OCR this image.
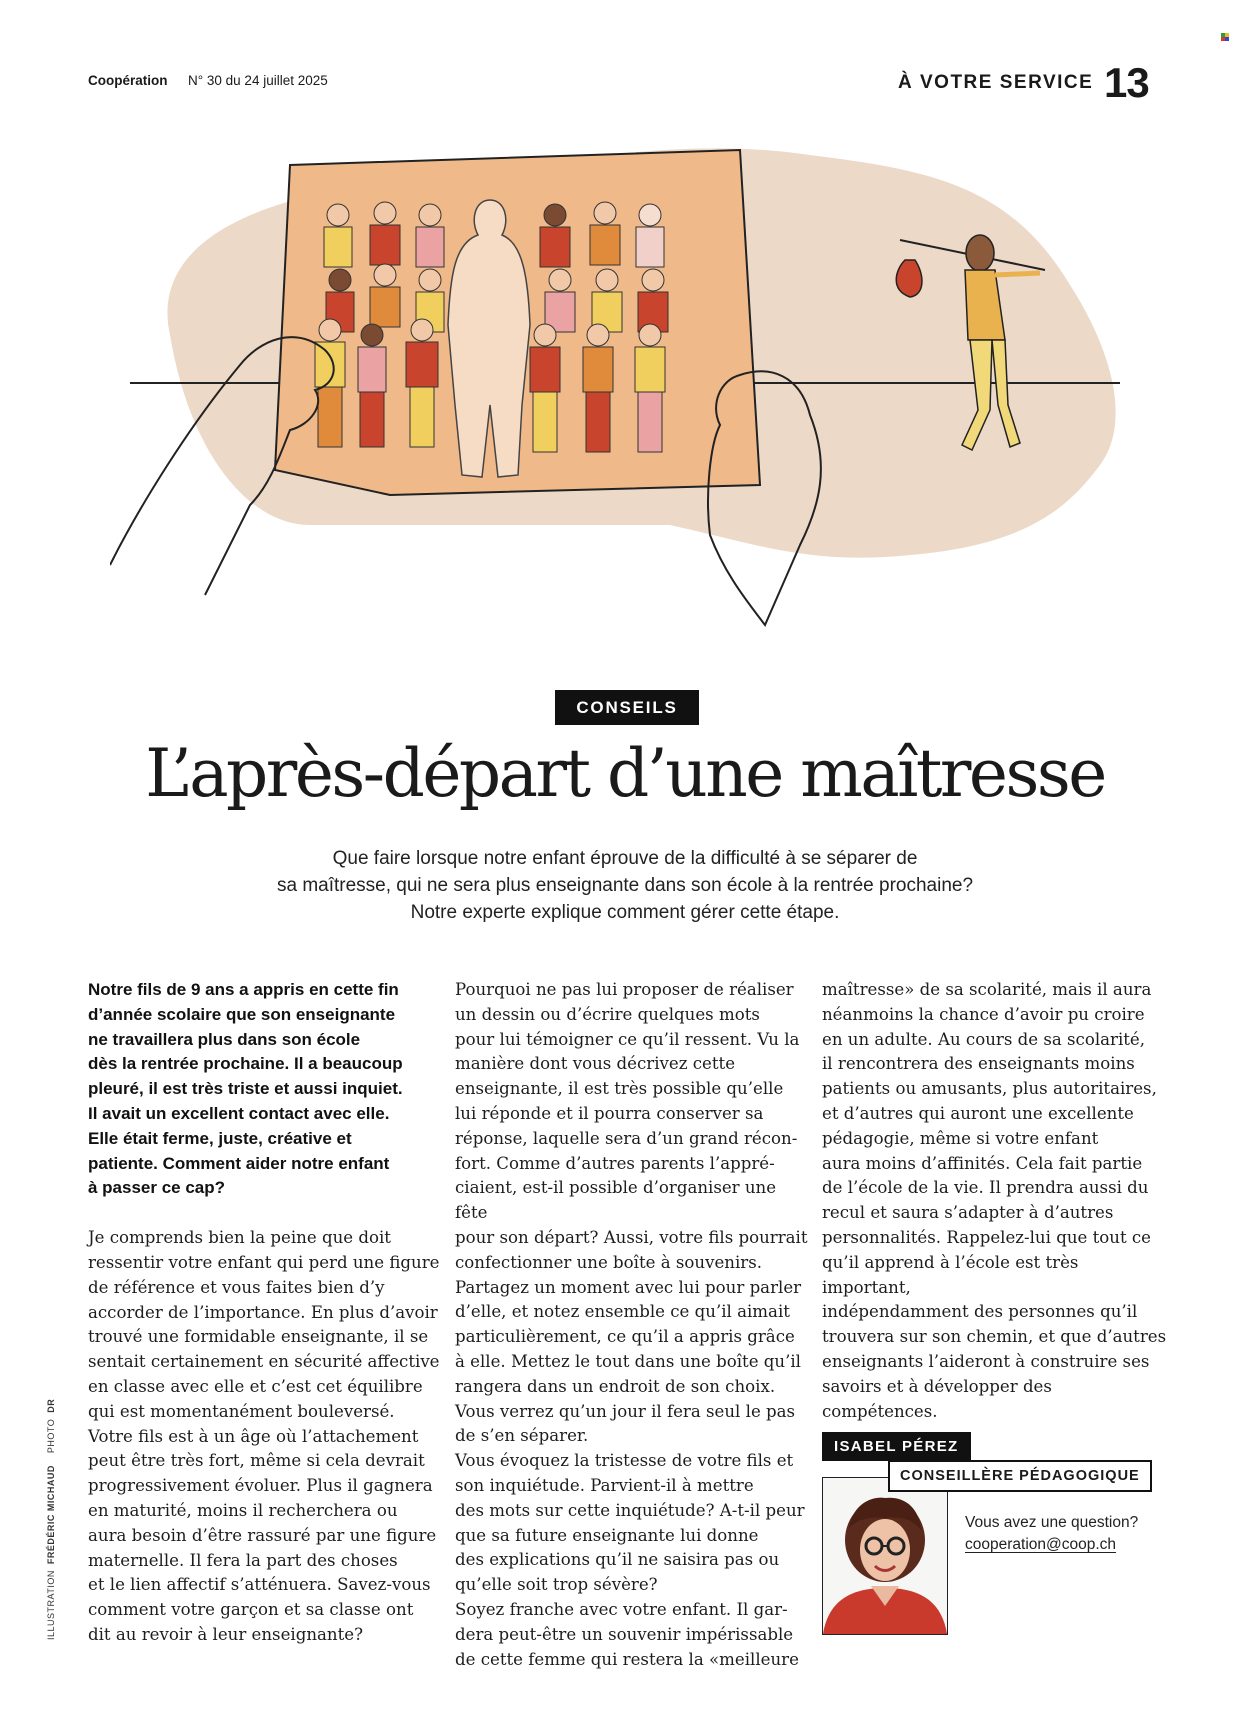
Coopération N° 30 du 24 juillet 2025	À VOTRE SERVICE 13
CONSEILS
L’après-départ d’une maîtresse
Que faire lorsque notre enfant éprouve de la difficulté à se séparer de
sa maîtresse, qui ne sera plus enseignante dans son école à la rentrée prochaine?
Notre experte explique comment gérer cette étape.

Notre fils de 9 ans a appris en cette fin
d’année scolaire que son enseignante
ne travaillera plus dans son école
dès la rentrée prochaine. Il a beaucoup
pleuré, il est très triste et aussi inquiet.
Il avait un excellent contact avec elle.
Elle était ferme, juste, créative et
patiente. Comment aider notre enfant
à passer ce cap?

Je comprends bien la peine que doit
ressentir votre enfant qui perd une figure
de référence et vous faites bien d’y
accorder de l’importance. En plus d’avoir
trouvé une formidable enseignante, il se
sentait certainement en sécurité affective
en classe avec elle et c’est cet équilibre
qui est momentanément bouleversé.
Votre fils est à un âge où l’attachement
peut être très fort, même si cela devrait
progressivement évoluer. Plus il gagnera
en maturité, moins il recherchera ou
aura besoin d’être rassuré par une figure
maternelle. Il fera la part des choses
et le lien affectif s’atténuera. Savez-vous
comment votre garçon et sa classe ont
dit au revoir à leur enseignante?

Pourquoi ne pas lui proposer de réaliser
un dessin ou d’écrire quelques mots
pour lui témoigner ce qu’il ressent. Vu la
manière dont vous décrivez cette
enseignante, il est très possible qu’elle
lui réponde et il pourra conserver sa
réponse, laquelle sera d’un grand récon-
fort. Comme d’autres parents l’appré-
ciaient, est-il possible d’organiser une fête
pour son départ? Aussi, votre fils pourrait
confectionner une boîte à souvenirs.
Partagez un moment avec lui pour parler
d’elle, et notez ensemble ce qu’il aimait
particulièrement, ce qu’il a appris grâce
à elle. Mettez le tout dans une boîte qu’il
rangera dans un endroit de son choix.
Vous verrez qu’un jour il fera seul le pas
de s’en séparer.
Vous évoquez la tristesse de votre fils et
son inquiétude. Parvient-il à mettre
des mots sur cette inquiétude? A-t-il peur
que sa future enseignante lui donne
des explications qu’il ne saisira pas ou
qu’elle soit trop sévère?
Soyez franche avec votre enfant. Il gar-
dera peut-être un souvenir impérissable
de cette femme qui restera la «meilleure

maîtresse» de sa scolarité, mais il aura
néanmoins la chance d’avoir pu croire
en un adulte. Au cours de sa scolarité,
il rencontrera des enseignants moins
patients ou amusants, plus autoritaires,
et d’autres qui auront une excellente
pédagogie, même si votre enfant
aura moins d’affinités. Cela fait partie
de l’école de la vie. Il prendra aussi du
recul et saura s’adapter à d’autres
personnalités. Rappelez-lui que tout ce
qu’il apprend à l’école est très important,
indépendamment des personnes qu’il
trouvera sur son chemin, et que d’autres
enseignants l’aideront à construire ses
savoirs et à développer des compétences.

ISABEL PÉREZ
CONSEILLÈRE PÉDAGOGIQUE
Vous avez une question?
cooperation@coop.ch
ILLUSTRATION  FRÉDÉRIC MICHAUD    PHOTO  DR
